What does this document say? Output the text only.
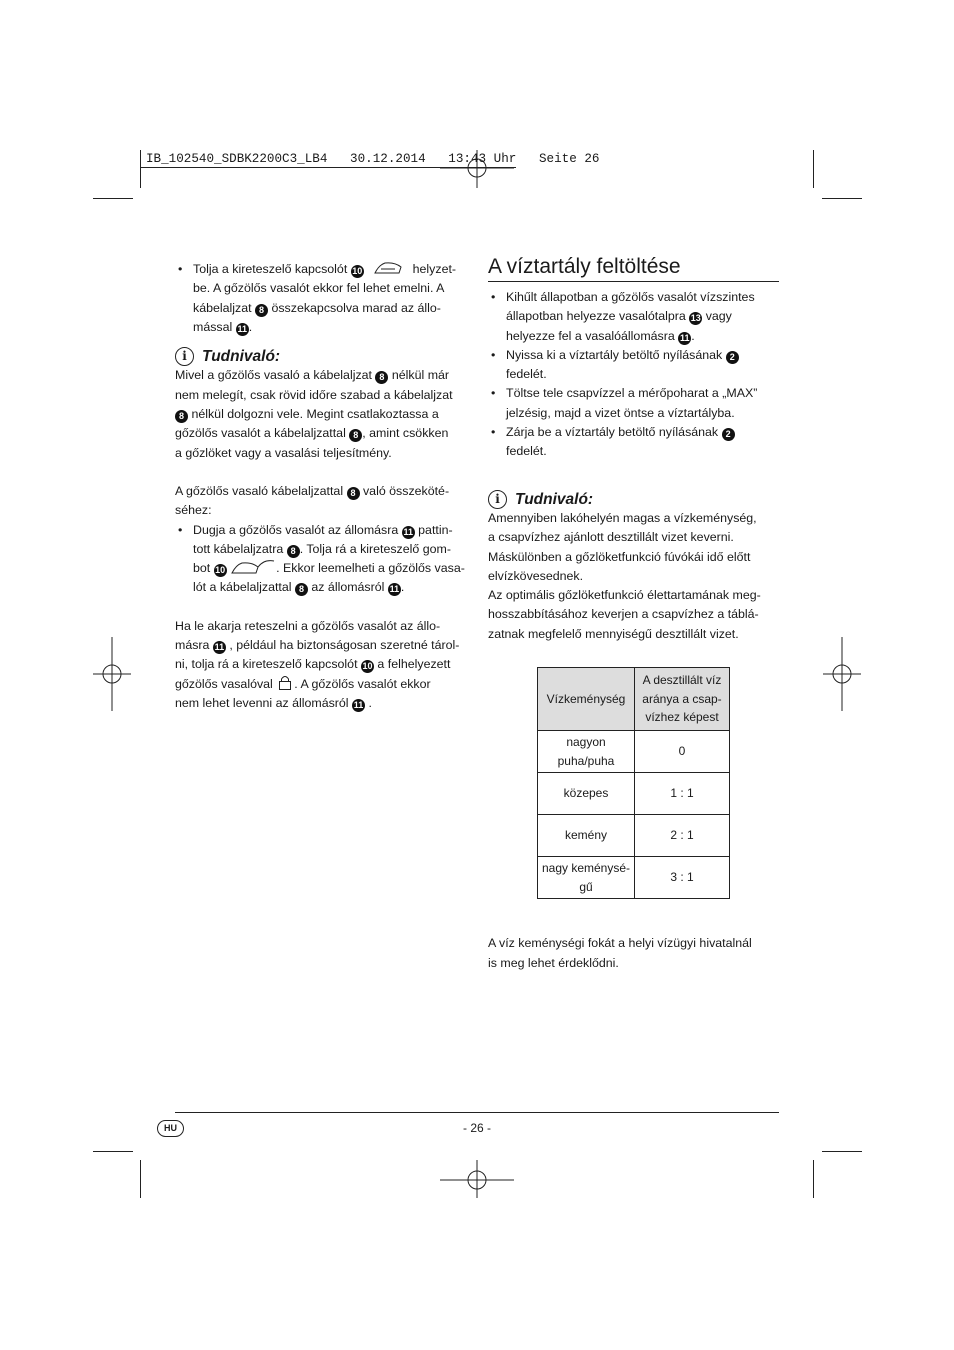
IB_102540_SDBK2200C3_LB4   30.12.2014   13:43 Uhr   Seite 26

• Tolja a kireteszelő kapcsolót 10	helyzet-
be. A gőzölős vasalót ekkor fel lehet emelni. A
kábelaljzat 8 összekapcsolva marad az állo-
mással 11 .

i Tudnivaló:

Mivel a gőzölős vasaló a kábelaljzat 8 nélkül már
nem melegít, csak rövid időre szabad a kábelaljzat
8 nélkül dolgozni vele. Megint csatlakoztassa a
gőzölős vasalót a kábelaljzattal 8 , amint csökken
a gőzlöket vagy a vasalási teljesítmény.

A gőzölős vasaló kábelaljzattal 8 való összeköté-
séhez:

• Dugja a gőzölős vasalót az állomásra 11 pattin-
tott kábelaljzatra 8 . Tolja rá a kireteszelő gom-
bot 10	. Ekkor leemelheti a gőzölős vasa-
lót a kábelaljzattal 8 az állomásról 11 .

Ha le akarja reteszelni a gőzölős vasalót az állo-
másra 11 , például ha biztonságosan szeretné tárol-
ni, tolja rá a kireteszelő kapcsolót 10 a felhelyezett
gőzölős vasalóval . A gőzölős vasalót ekkor
nem lehet levenni az állomásról 11 .

A víztartály feltöltése

• Kihűlt állapotban a gőzölős vasalót vízszintes
állapotban helyezze vasalótalpra 13 vagy
helyezze fel a vasalóállomásra 11 .

• Nyissa ki a víztartály betöltő nyílásának 2
fedelét.

• Töltse tele csapvízzel a mérőpoharat a „MAX”
jelzésig, majd a vizet öntse a víztartályba.

• Zárja be a víztartály betöltő nyílásának 2
fedelét.

i Tudnivaló:

Amennyiben lakóhelyén magas a vízkeménység,
a csapvízhez ajánlott desztillált vizet keverni.
Máskülönben a gőzlöketfunkció fúvókái idő előtt
elvízkövesednek.
Az optimális gőzlöketfunkció élettartamának meg-
hosszabbításához keverjen a csapvízhez a táblá-
zatnak megfelelő mennyiségű desztillált vizet.

Vízkeménység	A desztillált víz
aránya a csap-
vízhez képest
nagyon
puha/puha	0
közepes	1 : 1
kemény	2 : 1
nagy keménysé-
gű	3 : 1

A víz keménységi fokát a helyi vízügyi hivatalnál
is meg lehet érdeklődni.

HU	- 26 -
